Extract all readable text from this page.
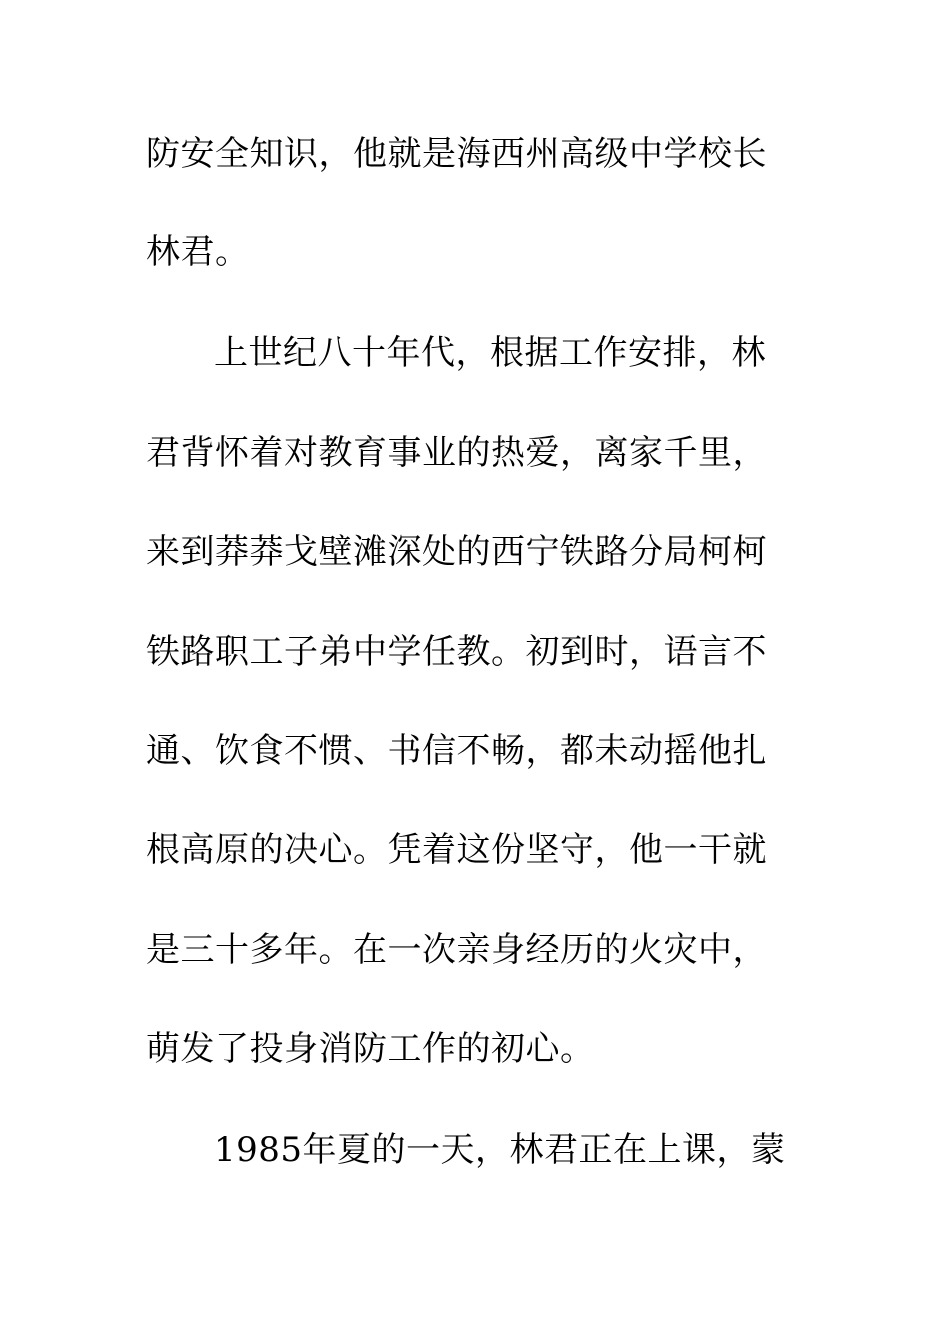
防安全知识，他就是海西州高级中学校长
林君。
上世纪八十年代，根据工作安排，林
君背怀着对教育事业的热爱，离家千里，
来到莽莽戈壁滩深处的西宁铁路分局柯柯
铁路职工子弟中学任教。初到时，语言不
通、饮食不惯、书信不畅，都未动摇他扎
根高原的决心。凭着这份坚守，他一干就
是三十多年。在一次亲身经历的火灾中，
萌发了投身消防工作的初心。
1985年夏的一天，林君正在上课，蒙
